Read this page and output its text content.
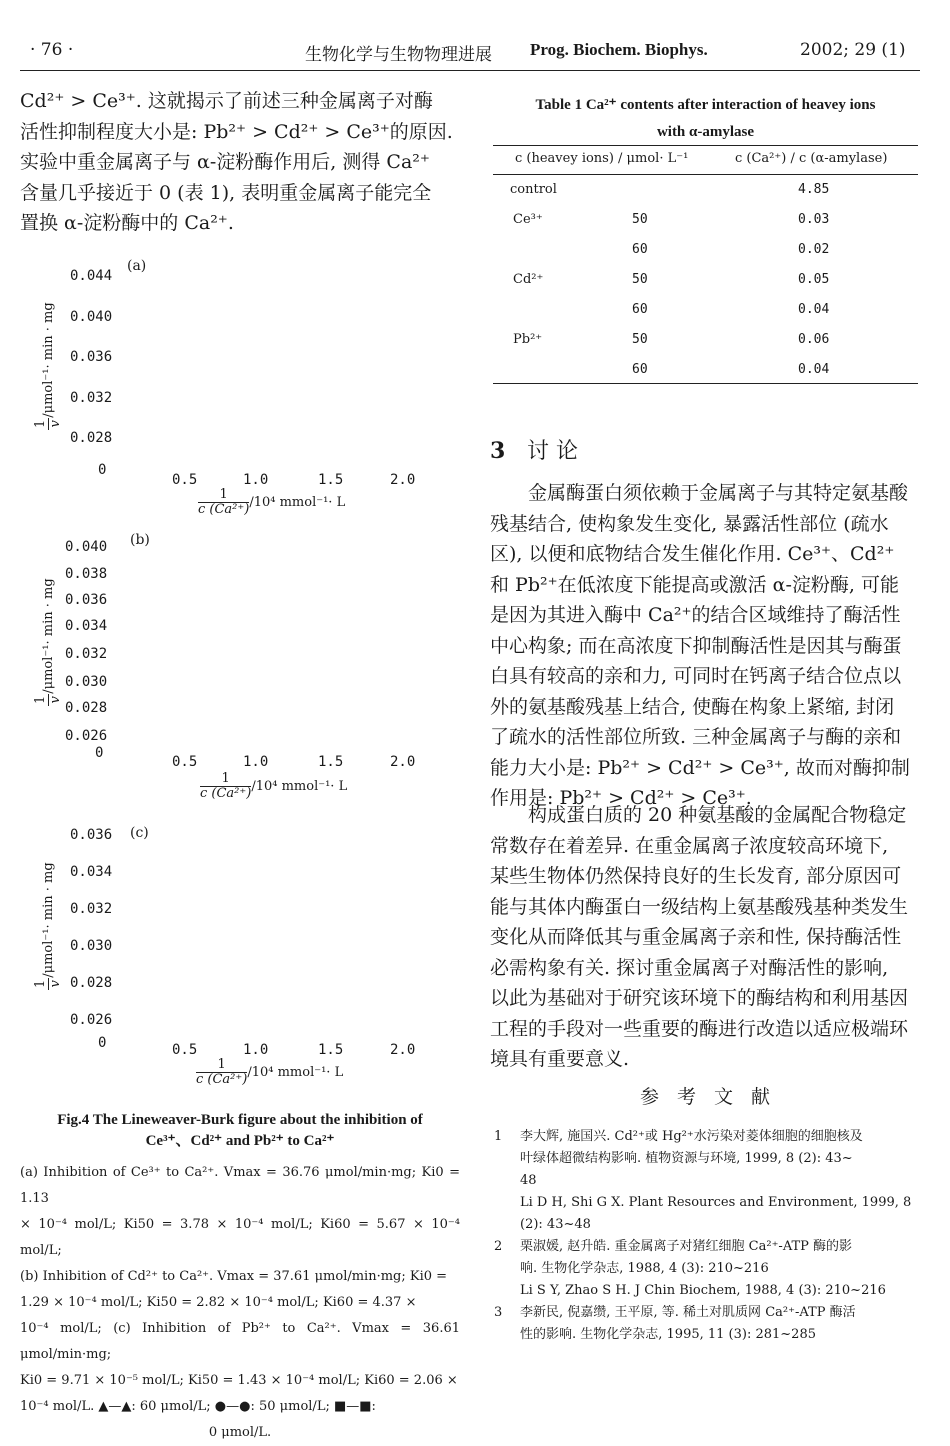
· 76 ·	生物化学与生物物理进展 Prog. Biochem. Biophys.	2002; 29 (1)
Cd²⁺ > Ce³⁺. 这就揭示了前述三种金属离子对酶
活性抑制程度大小是: Pb²⁺ > Cd²⁺ > Ce³⁺的原因.
实验中重金属离子与 α-淀粉酶作用后, 测得 Ca²⁺
含量几乎接近于 0 (表 1), 表明重金属离子能完全
置换 α-淀粉酶中的 Ca²⁺.
(a)
0.044
0.040
0.036
0.032
0.028
0
0.5	1.0	1.5	2.0
1 v
/μmol⁻¹· min · mg
$\frac{1}{\text{c (Ca²⁺)}} /10^4$ mmol⁻¹· L
(b)
0.040
0.038
0.036
0.034
0.032
0.030
0.028
0.026
0
0.5	1.0	1.5	2.0
1 v
/μmol⁻¹· min · mg
$\frac{1}{\text{c (Ca²⁺)}} /10^4$ mmol⁻¹· L
(c)
0.036
0.034
0.032
0.030
0.028
0.026
0	0.5	1.0	1.5	2.0
1 v
/μmol⁻¹· min · mg
$\frac{1}{\text{c (Ca²⁺)}} /10^4$ mmol⁻¹· L
Fig.4 The Lineweaver-Burk figure about the inhibition of
Ce³⁺、Cd²⁺ and Pb²⁺ to Ca²⁺
(a) Inhibition of Ce³⁺ to Ca²⁺. Vmax = 36.76 μmol/min·mg; Ki0 = 1.13
× 10⁻⁴ mol/L; Ki50 = 3.78 × 10⁻⁴ mol/L; Ki60 = 5.67 × 10⁻⁴ mol/L;
(b) Inhibition of Cd²⁺ to Ca²⁺. Vmax = 37.61 μmol/min·mg; Ki0 =
1.29 × 10⁻⁴ mol/L; Ki50 = 2.82 × 10⁻⁴ mol/L; Ki60 = 4.37 ×
10⁻⁴ mol/L; (c) Inhibition of Pb²⁺ to Ca²⁺. Vmax = 36.61 μmol/min·mg;
Ki0 = 9.71 × 10⁻⁵ mol/L; Ki50 = 1.43 × 10⁻⁴ mol/L; Ki60 = 2.06 ×
10⁻⁴ mol/L. ▲—▲: 60 μmol/L; ●—●: 50 μmol/L; ■—■:
0 μmol/L.
Table 1 Ca²⁺ contents after interaction of heavey ions
with α-amylase
c (heavey ions) / μmol· L⁻¹	c (Ca²⁺) / c (α-amylase)
control	4.85
Ce³⁺	50	0.03
60	0.02
Cd²⁺	50	0.05
60	0.04
Pb²⁺	50	0.06
60	0.04
3 讨 论
金属酶蛋白须依赖于金属离子与其特定氨基酸
残基结合, 使构象发生变化, 暴露活性部位 (疏水
区), 以便和底物结合发生催化作用. Ce³⁺、Cd²⁺
和 Pb²⁺在低浓度下能提高或激活 α-淀粉酶, 可能
是因为其进入酶中 Ca²⁺的结合区域维持了酶活性
中心构象; 而在高浓度下抑制酶活性是因其与酶蛋
白具有较高的亲和力, 可同时在钙离子结合位点以
外的氨基酸残基上结合, 使酶在构象上紧缩, 封闭
了疏水的活性部位所致. 三种金属离子与酶的亲和
能力大小是: Pb²⁺ > Cd²⁺ > Ce³⁺, 故而对酶抑制
作用是: Pb²⁺ > Cd²⁺ > Ce³⁺.
构成蛋白质的 20 种氨基酸的金属配合物稳定
常数存在着差异. 在重金属离子浓度较高环境下,
某些生物体仍然保持良好的生长发育, 部分原因可
能与其体内酶蛋白一级结构上氨基酸残基种类发生
变化从而降低其与重金属离子亲和性, 保持酶活性
必需构象有关. 探讨重金属离子对酶活性的影响,
以此为基础对于研究该环境下的酶结构和利用基因
工程的手段对一些重要的酶进行改造以适应极端环
境具有重要意义.
参考文献
1 李大辉, 施国兴. Cd²⁺或 Hg²⁺水污染对菱体细胞的细胞核及
叶绿体超微结构影响. 植物资源与环境, 1999, 8 (2): 43~
48
Li D H, Shi G X. Plant Resources and Environment, 1999, 8
(2): 43~48
2 栗淑媛, 赵升皓. 重金属离子对猪红细胞 Ca²⁺-ATP 酶的影
响. 生物化学杂志, 1988, 4 (3): 210~216
Li S Y, Zhao S H. J Chin Biochem, 1988, 4 (3): 210~216
3 李新民, 倪嘉缵, 王平原, 等. 稀土对肌质网 Ca²⁺-ATP 酶活
性的影响. 生物化学杂志, 1995, 11 (3): 281~285
